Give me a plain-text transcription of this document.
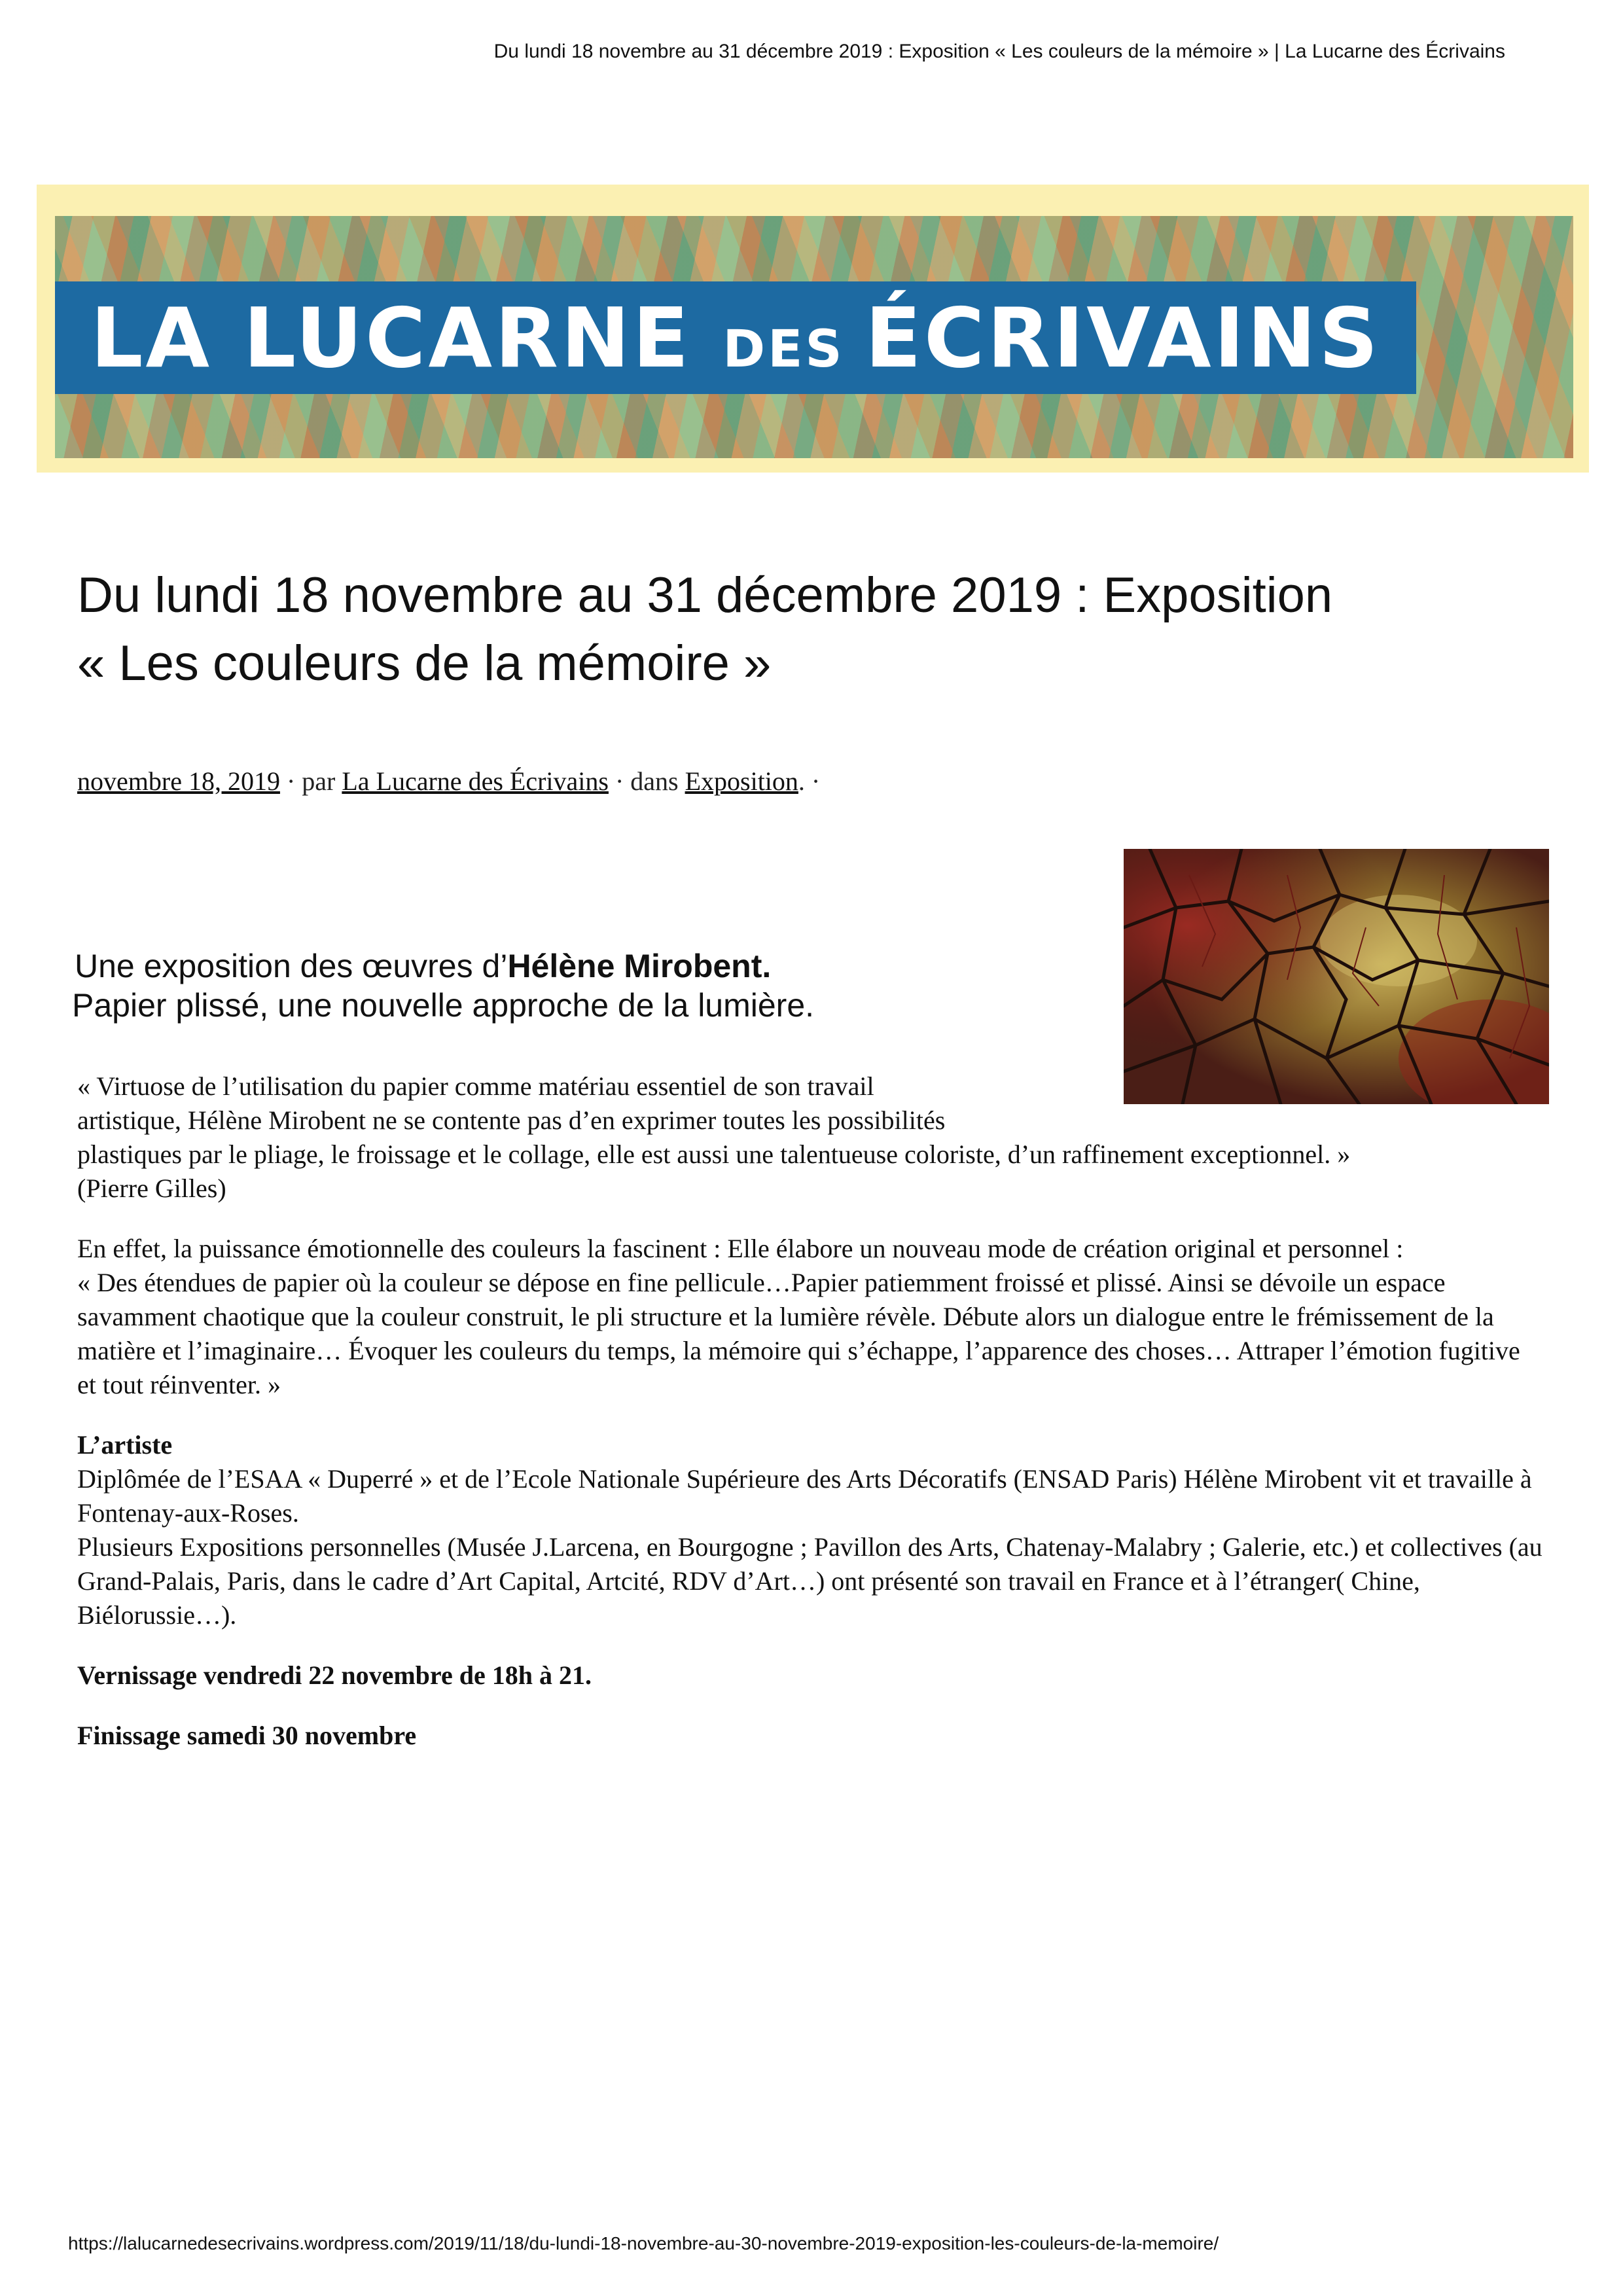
Du lundi 18 novembre au 31 décembre 2019 : Exposition « Les couleurs de la mémoire » | La Lucarne des Écrivains
LA LUCARNE DES ÉCRIVAINS
Du lundi 18 novembre au 31 décembre 2019 : Exposition
« Les couleurs de la mémoire »
novembre 18, 2019 · par La Lucarne des Écrivains · dans Exposition. ·
Une exposition des œuvres d’Hélène Mirobent.
Papier plissé, une nouvelle approche de la lumière.

« Virtuose de l’utilisation du papier comme matériau essentiel de son travail
artistique, Hélène Mirobent ne se contente pas d’en exprimer toutes les possibilités
plastiques par le pliage, le froissage et le collage, elle est aussi une talentueuse coloriste, d’un raffinement exceptionnel. »
(Pierre Gilles)

En effet, la puissance émotionnelle des couleurs la fascinent : Elle élabore un nouveau mode de création original et personnel :
« Des étendues de papier où la couleur se dépose en fine pellicule…Papier patiemment froissé et plissé. Ainsi se dévoile un espace savamment chaotique que la couleur construit, le pli structure et la lumière révèle. Débute alors un dialogue entre le frémissement de la matière et l’imaginaire… Évoquer les couleurs du temps, la mémoire qui s’échappe, l’apparence des choses… Attraper l’émotion fugitive et tout réinventer. »

L’artiste
Diplômée de l’ESAA « Duperré » et de l’Ecole Nationale Supérieure des Arts Décoratifs (ENSAD Paris) Hélène Mirobent vit et travaille à Fontenay-aux-Roses.
Plusieurs Expositions personnelles (Musée J.Larcena, en Bourgogne ; Pavillon des Arts, Chatenay-Malabry ; Galerie, etc.) et collectives (au Grand-Palais, Paris, dans le cadre d’Art Capital, Artcité, RDV d’Art…) ont présenté son travail en France et à l’étranger( Chine, Biélorussie…).

Vernissage vendredi 22 novembre de 18h à 21.

Finissage samedi 30 novembre

https://lalucarnedesecrivains.wordpress.com/2019/11/18/du-lundi-18-novembre-au-30-novembre-2019-exposition-les-couleurs-de-la-memoire/
